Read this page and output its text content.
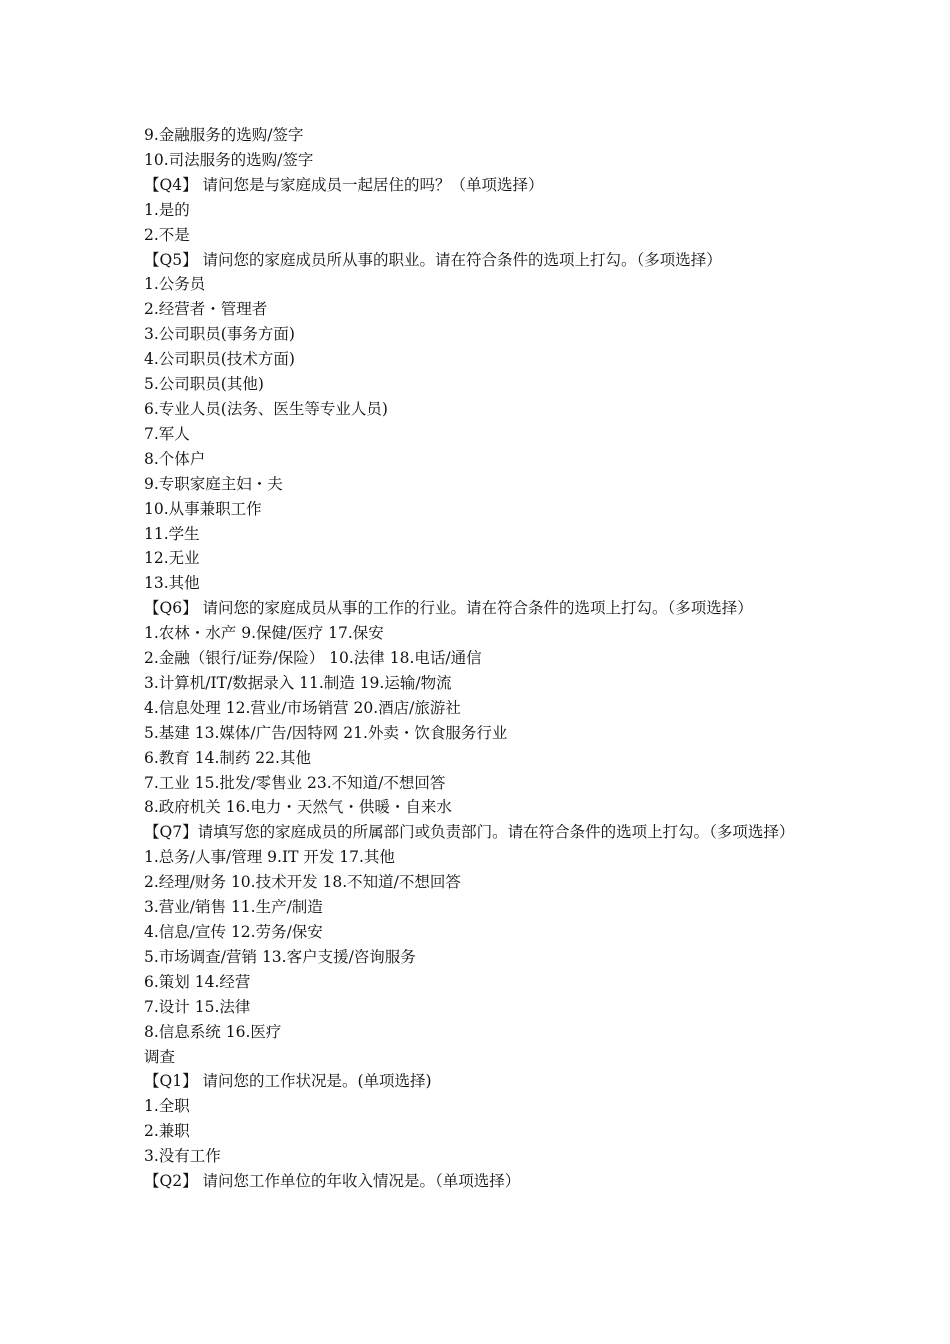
9.金融服务的选购/签字

10.司法服务的选购/签字

【Q4】 请问您是与家庭成员一起居住的吗？（单项选择）

1.是的

2.不是

【Q5】 请问您的家庭成员所从事的职业。请在符合条件的选项上打勾。（多项选择）

1.公务员

2.经营者・管理者

3.公司职员(事务方面)

4.公司职员(技术方面)

5.公司职员(其他)

6.专业人员(法务、医生等专业人员)

7.军人

8.个体户

9.专职家庭主妇・夫

10.从事兼职工作

11.学生

12.无业

13.其他

【Q6】 请问您的家庭成员从事的工作的行业。请在符合条件的选项上打勾。（多项选择）

1.农林・水产 9.保健/医疗 17.保安

2.金融（银行/证券/保险） 10.法律 18.电话/通信

3.计算机/IT/数据录入 11.制造 19.运输/物流

4.信息处理 12.营业/市场销营 20.酒店/旅游社

5.基建 13.媒体/广告/因特网 21.外卖・饮食服务行业

6.教育 14.制药 22.其他

7.工业 15.批发/零售业 23.不知道/不想回答

8.政府机关 16.电力・天然气・供暖・自来水

【Q7】请填写您的家庭成员的所属部门或负责部门。请在符合条件的选项上打勾。（多项选择）

1.总务/人事/管理 9.IT 开发 17.其他

2.经理/财务 10.技术开发 18.不知道/不想回答

3.营业/销售 11.生产/制造

4.信息/宣传 12.劳务/保安

5.市场调查/营销 13.客户支援/咨询服务

6.策划 14.经营

7.设计 15.法律

8.信息系统 16.医疗

调查

【Q1】 请问您的工作状况是。(单项选择)

1.全职

2.兼职

3.没有工作

【Q2】 请问您工作单位的年收入情况是。（单项选择）
